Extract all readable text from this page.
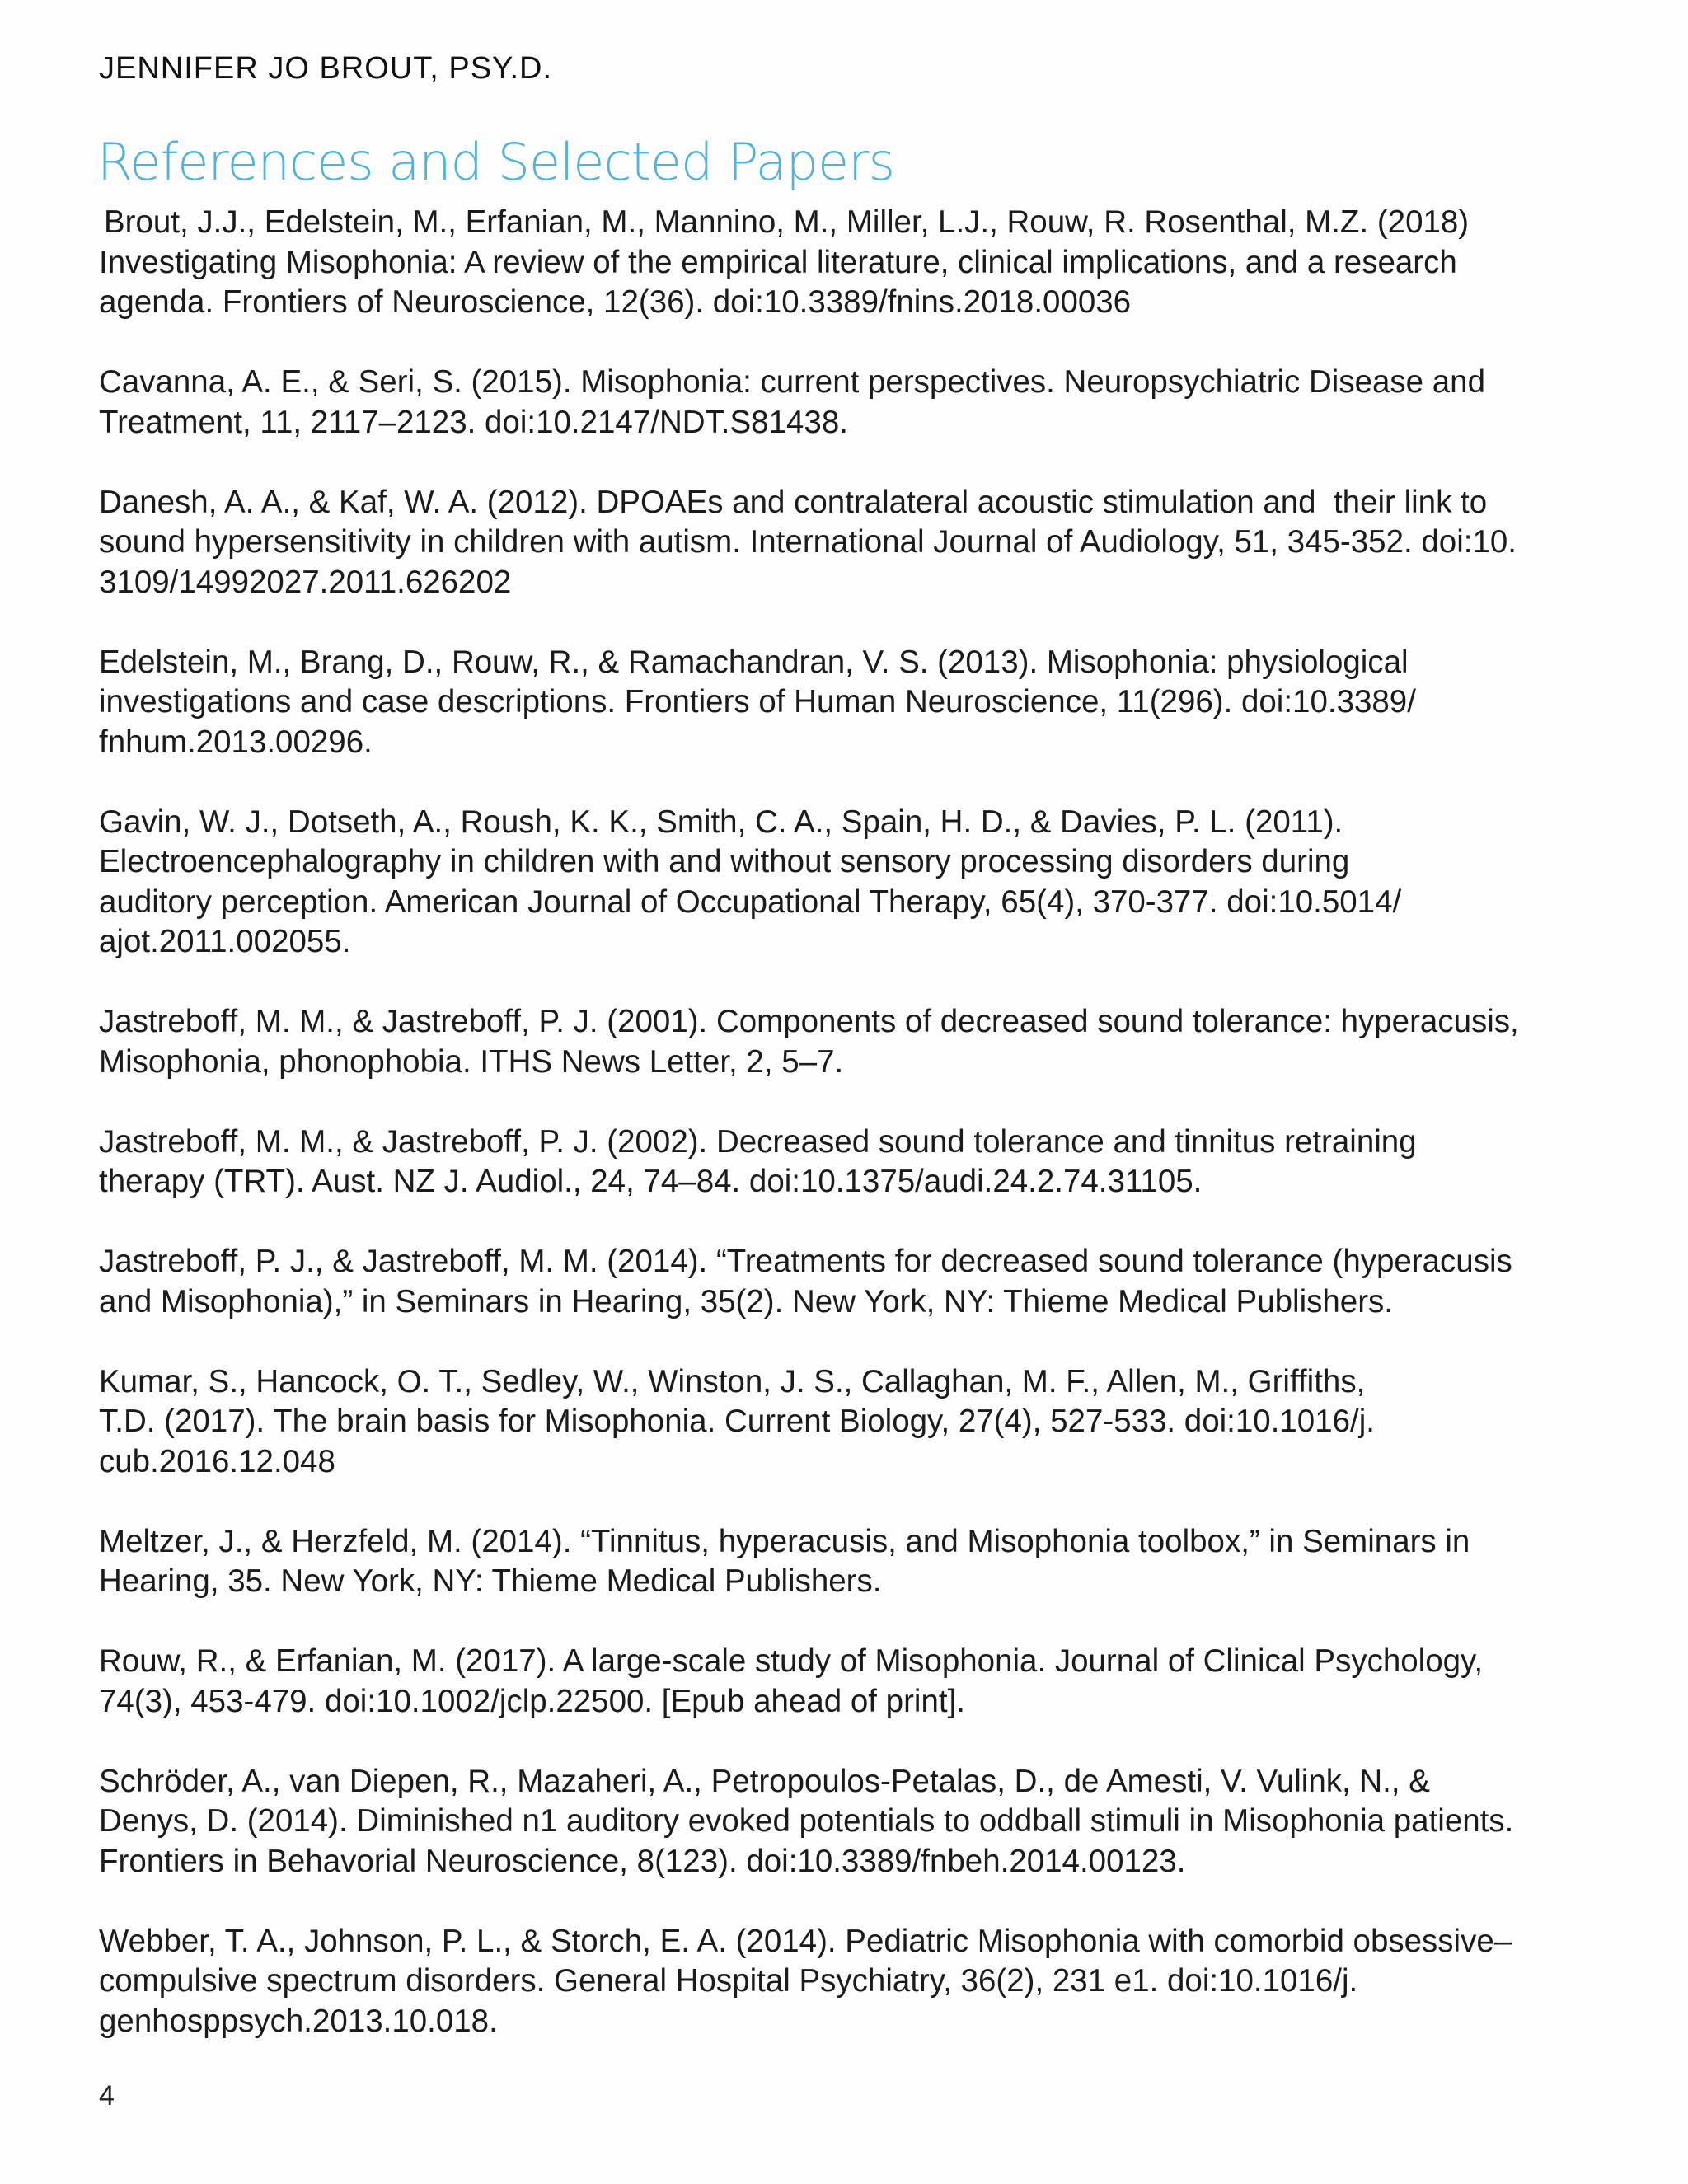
JENNIFER JO BROUT, PSY.D.
References and Selected Papers
Brout, J.J., Edelstein, M., Erfanian, M., Mannino, M., Miller, L.J., Rouw, R. Rosenthal, M.Z. (2018)
Investigating Misophonia: A review of the empirical literature, clinical implications, and a research
agenda. Frontiers of Neuroscience, 12(36). doi:10.3389/fnins.2018.00036
Cavanna, A. E., & Seri, S. (2015). Misophonia: current perspectives. Neuropsychiatric Disease and
Treatment, 11, 2117–2123. doi:10.2147/NDT.S81438.
Danesh, A. A., & Kaf, W. A. (2012). DPOAEs and contralateral acoustic stimulation and  their link to
sound hypersensitivity in children with autism. International Journal of Audiology, 51, 345-352. doi:10.
3109/14992027.2011.626202
Edelstein, M., Brang, D., Rouw, R., & Ramachandran, V. S. (2013). Misophonia: physiological
investigations and case descriptions. Frontiers of Human Neuroscience, 11(296). doi:10.3389/
fnhum.2013.00296.
Gavin, W. J., Dotseth, A., Roush, K. K., Smith, C. A., Spain, H. D., & Davies, P. L. (2011).
Electroencephalography in children with and without sensory processing disorders during
auditory perception. American Journal of Occupational Therapy, 65(4), 370-377. doi:10.5014/
ajot.2011.002055.
Jastreboff, M. M., & Jastreboff, P. J. (2001). Components of decreased sound tolerance: hyperacusis,
Misophonia, phonophobia. ITHS News Letter, 2, 5–7.
Jastreboff, M. M., & Jastreboff, P. J. (2002). Decreased sound tolerance and tinnitus retraining
therapy (TRT). Aust. NZ J. Audiol., 24, 74–84. doi:10.1375/audi.24.2.74.31105.
Jastreboff, P. J., & Jastreboff, M. M. (2014). “Treatments for decreased sound tolerance (hyperacusis
and Misophonia),” in Seminars in Hearing, 35(2). New York, NY: Thieme Medical Publishers.
Kumar, S., Hancock, O. T., Sedley, W., Winston, J. S., Callaghan, M. F., Allen, M., Griffiths,
T.D. (2017). The brain basis for Misophonia. Current Biology, 27(4), 527-533. doi:10.1016/j.
cub.2016.12.048
Meltzer, J., & Herzfeld, M. (2014). “Tinnitus, hyperacusis, and Misophonia toolbox,” in Seminars in
Hearing, 35. New York, NY: Thieme Medical Publishers.
Rouw, R., & Erfanian, M. (2017). A large-scale study of Misophonia. Journal of Clinical Psychology,
74(3), 453-479. doi:10.1002/jclp.22500. [Epub ahead of print].
Schröder, A., van Diepen, R., Mazaheri, A., Petropoulos-Petalas, D., de Amesti, V. Vulink, N., &
Denys, D. (2014). Diminished n1 auditory evoked potentials to oddball stimuli in Misophonia patients.
Frontiers in Behavorial Neuroscience, 8(123). doi:10.3389/fnbeh.2014.00123.
Webber, T. A., Johnson, P. L., & Storch, E. A. (2014). Pediatric Misophonia with comorbid obsessive–
compulsive spectrum disorders. General Hospital Psychiatry, 36(2), 231 e1. doi:10.1016/j.
genhosppsych.2013.10.018.
4
